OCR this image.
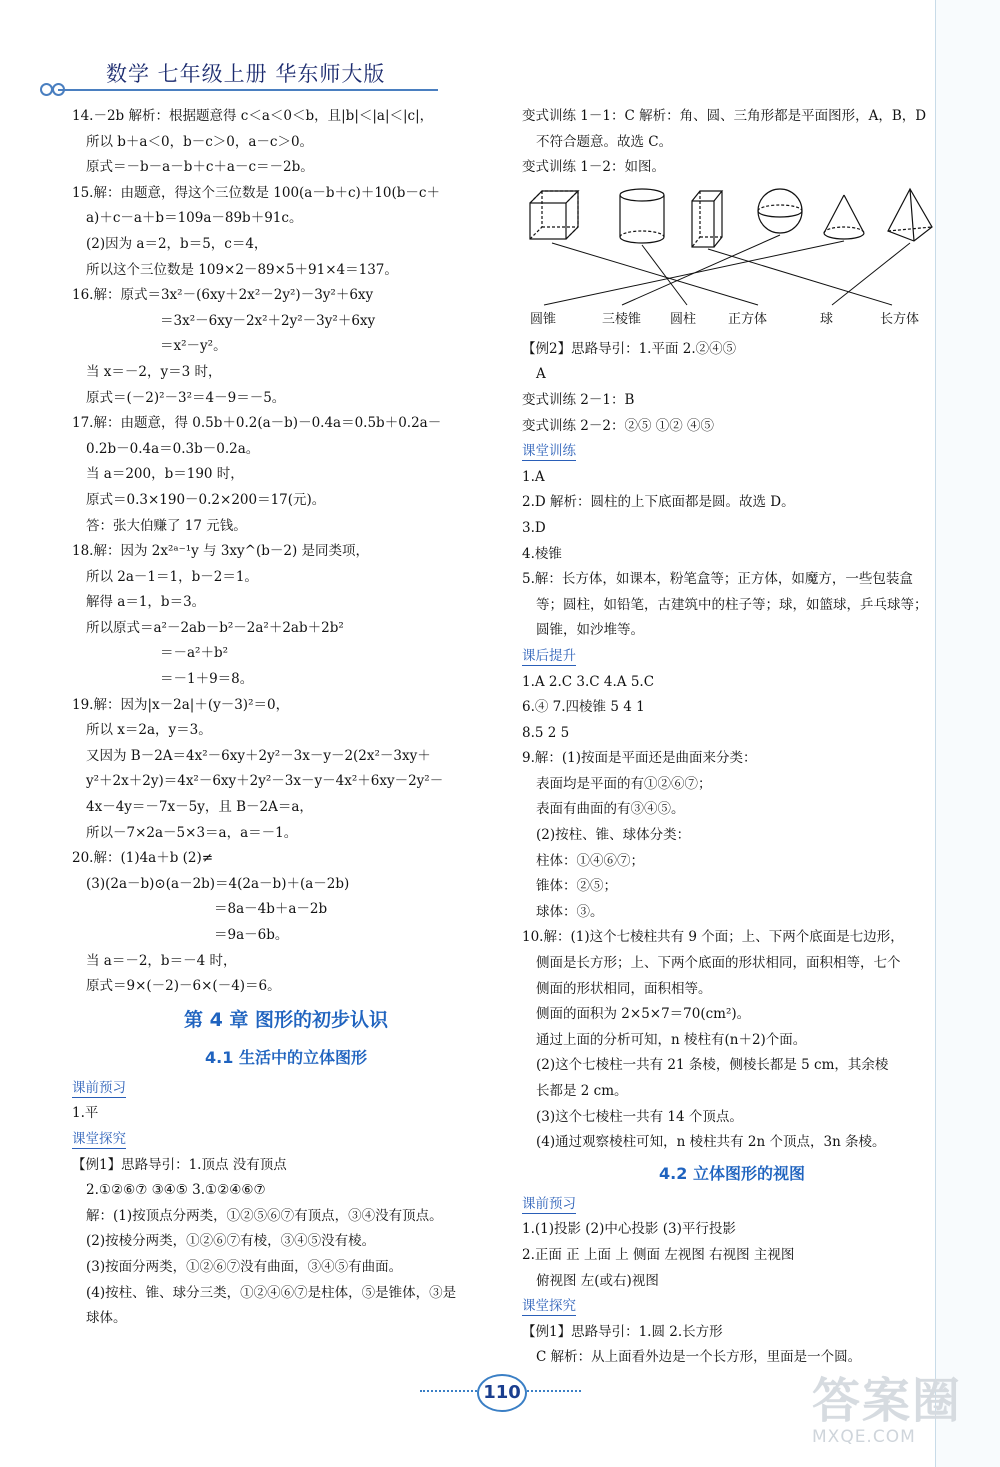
数学 七年级上册 华东师大版
14.－2b 解析：根据题意得 c＜a＜0＜b，且|b|＜|a|＜|c|，
所以 b＋a＜0，b－c＞0，a－c＞0。
原式＝－b－a－b＋c＋a－c＝－2b。
15.解：由题意，得这个三位数是 100(a－b＋c)＋10(b－c＋
a)＋c－a＋b＝109a－89b＋91c。
(2)因为 a＝2，b＝5，c＝4，
所以这个三位数是 109×2－89×5＋91×4＝137。
16.解：原式＝3x²－(6xy＋2x²－2y²)－3y²＋6xy
＝3x²－6xy－2x²＋2y²－3y²＋6xy
＝x²－y²。
当 x＝－2，y＝3 时，
原式＝(－2)²－3²＝4－9＝－5。
17.解：由题意，得 0.5b＋0.2(a－b)－0.4a＝0.5b＋0.2a－
0.2b－0.4a＝0.3b－0.2a。
当 a＝200，b＝190 时，
原式＝0.3×190－0.2×200＝17(元)。
答：张大伯赚了 17 元钱。
18.解：因为 2x²ᵃ⁻¹y 与 3xy^(b－2) 是同类项，
所以 2a－1＝1，b－2＝1。
解得 a＝1，b＝3。
所以原式＝a²－2ab－b²－2a²＋2ab＋2b²
＝－a²＋b²
＝－1＋9＝8。
19.解：因为|x－2a|＋(y－3)²＝0，
所以 x＝2a，y＝3。
又因为 B－2A＝4x²－6xy＋2y²－3x－y－2(2x²－3xy＋
y²＋2x＋2y)＝4x²－6xy＋2y²－3x－y－4x²＋6xy－2y²－
4x－4y＝－7x－5y，且 B－2A＝a，
所以－7×2a－5×3＝a，a＝－1。
20.解：(1)4a＋b (2)≠
(3)(2a－b)⊙(a－2b)＝4(2a－b)＋(a－2b)
＝8a－4b＋a－2b
＝9a－6b。
当 a＝－2，b＝－4 时，
原式＝9×(－2)－6×(－4)＝6。
第 4 章 图形的初步认识
4.1 生活中的立体图形
课前预习
1.平
课堂探究
【例1】思路导引：1.顶点 没有顶点
2.①②⑥⑦ ③④⑤ 3.①②④⑥⑦
解：(1)按顶点分两类，①②⑤⑥⑦有顶点，③④没有顶点。
(2)按棱分两类，①②⑥⑦有棱，③④⑤没有棱。
(3)按面分两类，①②⑥⑦没有曲面，③④⑤有曲面。
(4)按柱、锥、球分三类，①②④⑥⑦是柱体，⑤是锥体，③是
球体。
变式训练 1－1：C 解析：角、圆、三角形都是平面图形，A，B，D
不符合题意。故选 C。
变式训练 1－2：如图。
圆锥	三棱锥 圆柱 正方体	球	长方体
【例2】思路导引：1.平面 2.②④⑤
A
变式训练 2－1：B
变式训练 2－2：②⑤ ①② ④⑤
课堂训练
1.A
2.D 解析：圆柱的上下底面都是圆。故选 D。
3.D
4.棱锥
5.解：长方体，如课本，粉笔盒等；正方体，如魔方，一些包装盒
等；圆柱，如铅笔，古建筑中的柱子等；球，如篮球，乒乓球等；
圆锥，如沙堆等。
课后提升
1.A 2.C 3.C 4.A 5.C
6.④ 7.四棱锥 5 4 1
8.5 2 5
9.解：(1)按面是平面还是曲面来分类：
表面均是平面的有①②⑥⑦；
表面有曲面的有③④⑤。
(2)按柱、锥、球体分类：
柱体：①④⑥⑦；
锥体：②⑤；
球体：③。
10.解：(1)这个七棱柱共有 9 个面；上、下两个底面是七边形，
侧面是长方形；上、下两个底面的形状相同，面积相等，七个
侧面的形状相同，面积相等。
侧面的面积为 2×5×7＝70(cm²)。
通过上面的分析可知，n 棱柱有(n＋2)个面。
(2)这个七棱柱一共有 21 条棱，侧棱长都是 5 cm，其余棱
长都是 2 cm。
(3)这个七棱柱一共有 14 个顶点。
(4)通过观察棱柱可知，n 棱柱共有 2n 个顶点，3n 条棱。
4.2 立体图形的视图
课前预习
1.(1)投影 (2)中心投影 (3)平行投影
2.正面 正 上面 上 侧面 左视图 右视图 主视图
俯视图 左(或右)视图
课堂探究
【例1】思路导引：1.圆 2.长方形
C 解析：从上面看外边是一个长方形，里面是一个圆。
110	答案圈
MXQE.COM
